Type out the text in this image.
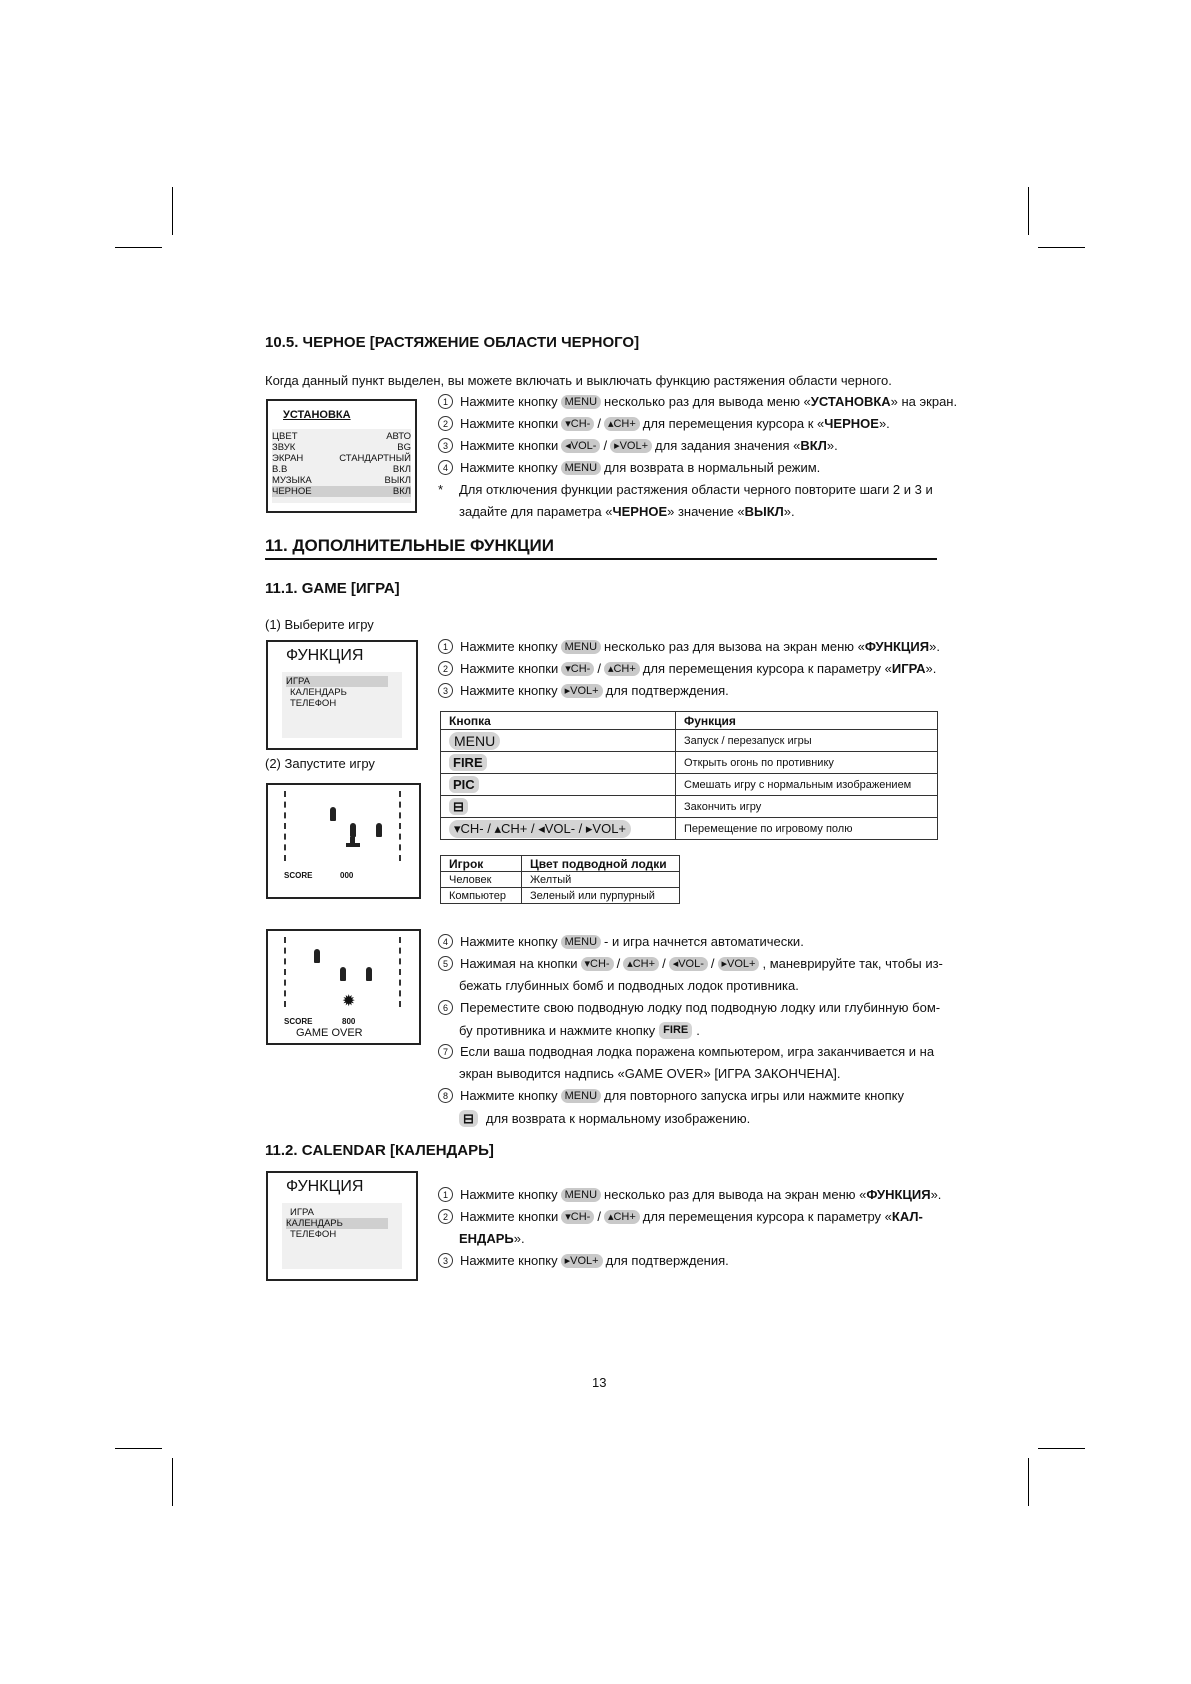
10.5. ЧЕРНОЕ [РАСТЯЖЕНИЕ ОБЛАСТИ ЧЕРНОГО]
Когда данный пункт выделен, вы можете включать и выключать функцию растяжения области черного.
УСТАНОВКА
ЦВЕТ	АВТО
ЗВУК	BG
ЭКРАН	СТАНДАРТНЫЙ
В.В	ВКЛ
МУЗЫКА	ВЫКЛ
ЧЕРНОЕ	ВКЛ
1 Нажмите кнопку MENU несколько раз для вывода меню « УСТАНОВКА » на экран.
2 Нажмите кнопки ▾CH- / ▴CH+ для перемещения курсора к « ЧЕРНОЕ ».
3 Нажмите кнопки ◂VOL- / ▸VOL+ для задания значения « ВКЛ ».
4 Нажмите кнопку MENU для возврата в нормальный режим.
*	Для отключения функции растяжения области черного повторите шаги 2 и 3 и
задайте для параметра « ЧЕРНОЕ » значение « ВЫКЛ ».
11. ДОПОЛНИТЕЛЬНЫЕ ФУНКЦИИ
11.1. GAME [ИГРА]
(1) Выберите игру
ФУНКЦИЯ
ИГРА
КАЛЕНДАРЬ
ТЕЛЕФОН
1 Нажмите кнопку MENU несколько раз для вызова на экран меню « ФУНКЦИЯ ».
2 Нажмите кнопки ▾CH- / ▴CH+ для перемещения курсора к параметру « ИГРА ».
3 Нажмите кнопку ▸VOL+ для подтверждения.
Кнопка	Функция
MENU	Запуск / перезапуск игры
FIRE	Открыть огонь по противнику
PIC	Смешать игру с нормальным изображением
⊟	Закончить игру
▾CH- / ▴CH+ / ◂VOL- / ▸VOL+	Перемещение по игровому полю
(2) Запустите игру
SCORE	000
Игрок	Цвет подводной лодки
Человек	Желтый
Компьютер	Зеленый или пурпурный
✹
SCORE	800
GAME OVER
4 Нажмите кнопку MENU - и игра начнется автоматически.
5 Нажимая на кнопки ▾CH- / ▴CH+ / ◂VOL- / ▸VOL+ , маневрируйте так, чтобы из-
бежать глубинных бомб и подводных лодок противника.
6 Переместите свою подводную лодку под подводную лодку или глубинную бом-
бу противника и нажмите кнопку FIRE .
7 Если ваша подводная лодка поражена компьютером, игра заканчивается и на
экран выводится надпись «GAME OVER» [ИГРА ЗАКОНЧЕНА].
8 Нажмите кнопку MENU для повторного запуска игры или нажмите кнопку
⊟ для возврата к нормальному изображению.
11.2. CALENDAR [КАЛЕНДАРЬ]
ФУНКЦИЯ
ИГРА
КАЛЕНДАРЬ
ТЕЛЕФОН
1 Нажмите кнопку MENU несколько раз для вывода на экран меню « ФУНКЦИЯ ».
2 Нажмите кнопки ▾CH- / ▴CH+ для перемещения курсора к параметру « КАЛ-
ЕНДАРЬ ».
3 Нажмите кнопку ▸VOL+ для подтверждения.
13
